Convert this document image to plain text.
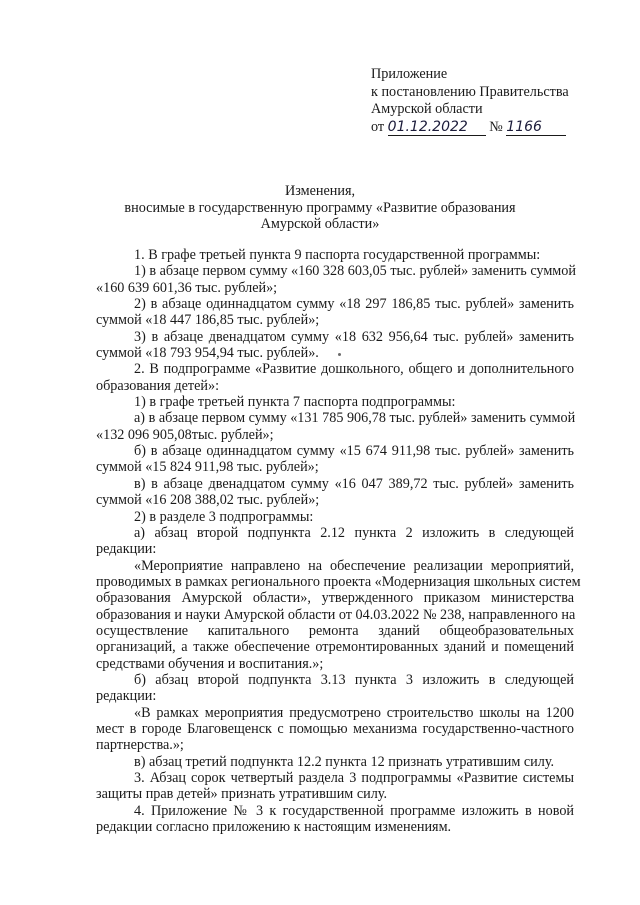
Приложение
к постановлению Правительства
Амурской области
от 01.12.2022 № 1166
Изменения,
вносимые в государственную программу «Развитие образования
Амурской области»
1. В графе третьей пункта 9 паспорта государственной программы:
1) в абзаце первом сумму «160 328 603,05 тыс. рублей» заменить суммой
«160 639 601,36 тыс. рублей»;
2) в абзаце одиннадцатом сумму «18 297 186,85 тыс. рублей» заменить
суммой «18 447 186,85 тыс. рублей»;
3) в абзаце двенадцатом сумму «18 632 956,64 тыс. рублей» заменить
суммой «18 793 954,94 тыс. рублей».
2. В подпрограмме «Развитие дошкольного, общего и дополнительного
образования детей»:
1) в графе третьей пункта 7 паспорта подпрограммы:
а) в абзаце первом сумму «131 785 906,78 тыс. рублей» заменить суммой
«132 096 905,08тыс. рублей»;
б) в абзаце одиннадцатом сумму «15 674 911,98 тыс. рублей» заменить
суммой «15 824 911,98 тыс. рублей»;
в) в абзаце двенадцатом сумму «16 047 389,72 тыс. рублей» заменить
суммой «16 208 388,02 тыс. рублей»;
2) в разделе 3 подпрограммы:
а) абзац второй подпункта 2.12 пункта 2 изложить в следующей
редакции:
«Мероприятие направлено на обеспечение реализации мероприятий,
проводимых в рамках регионального проекта «Модернизация школьных систем
образования Амурской области», утвержденного приказом министерства
образования и науки Амурской области от 04.03.2022 № 238, направленного на
осуществление капитального ремонта зданий общеобразовательных
организаций, а также обеспечение отремонтированных зданий и помещений
средствами обучения и воспитания.»;
б) абзац второй подпункта 3.13 пункта 3 изложить в следующей
редакции:
«В рамках мероприятия предусмотрено строительство школы на 1200
мест в городе Благовещенск с помощью механизма государственно-частного
партнерства.»;
в) абзац третий подпункта 12.2 пункта 12 признать утратившим силу.
3. Абзац сорок четвертый раздела 3 подпрограммы «Развитие системы
защиты прав детей» признать утратившим силу.
4. Приложение № 3 к государственной программе изложить в новой
редакции согласно приложению к настоящим изменениям.
